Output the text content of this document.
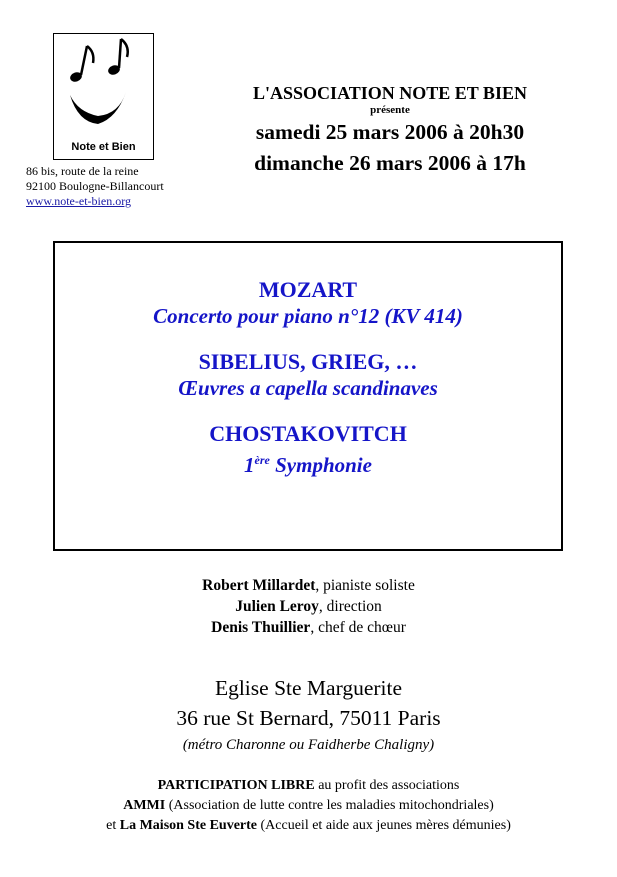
Note et Bien
86 bis, route de la reine
92100 Boulogne-Billancourt
www.note-et-bien.org
L'ASSOCIATION NOTE ET BIEN
présente
samedi 25 mars 2006 à 20h30
dimanche 26 mars 2006 à 17h
MOZART
Concerto pour piano n°12 (KV 414)
SIBELIUS, GRIEG, …
Œuvres a capella scandinaves
CHOSTAKOVITCH
1ère Symphonie
Robert Millardet, pianiste soliste
Julien Leroy, direction
Denis Thuillier, chef de chœur
Eglise Ste Marguerite
36 rue St Bernard, 75011 Paris
(métro Charonne ou Faidherbe Chaligny)
PARTICIPATION LIBRE au profit des associations
AMMI (Association de lutte contre les maladies mitochondriales)
et La Maison Ste Euverte (Accueil et aide aux jeunes mères démunies)
